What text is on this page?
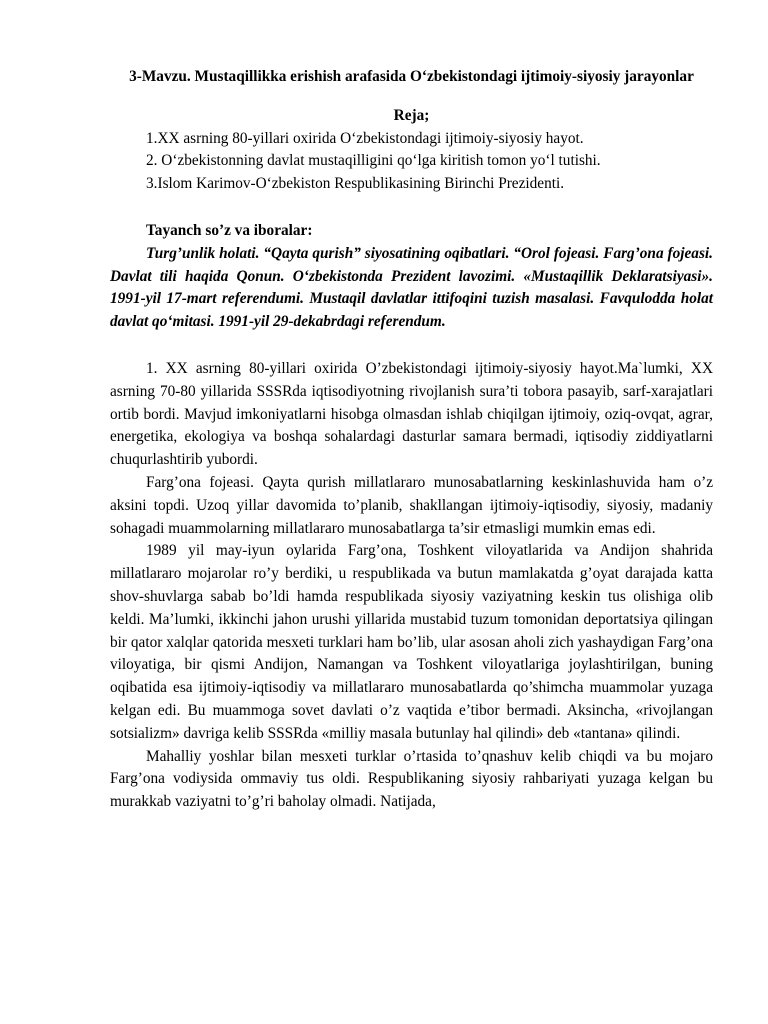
3-Mavzu. Mustaqillikka erishish arafasida O‘zbekistondagi ijtimoiy-siyosiy jarayonlar

Reja;

1.XX asrning 80-yillari oxirida O‘zbekistondagi ijtimoiy-siyosiy hayot.

2. O‘zbekistonning davlat mustaqilligini qo‘lga kiritish tomon yo‘l tutishi.

3.Islom Karimov-O‘zbekiston Respublikasining Birinchi Prezidenti.

Tayanch so’z va iboralar:

Turg’unlik holati. “Qayta qurish” siyosatining oqibatlari. “Orol fojeasi. Farg’ona fojeasi. Davlat tili haqida Qonun. O‘zbekistonda Prezident lavozimi. «Mustaqillik Deklaratsiyasi». 1991-yil 17-mart referendumi. Mustaqil davlatlar ittifoqini tuzish masalasi. Favqulodda holat davlat qo‘mitasi. 1991-yil 29-dekabrdagi referendum.

1. XX asrning 80-yillari oxirida O’zbekistondagi ijtimoiy-siyosiy hayot.Ma`lumki, XX asrning 70-80 yillarida SSSRda iqtisodiyotning rivojlanish sura’ti tobora pasayib, sarf-xarajatlari ortib bordi. Mavjud imkoniyatlarni hisobga olmasdan ishlab chiqilgan ijtimoiy, oziq-ovqat, agrar, energetika, ekologiya va boshqa sohalardagi dasturlar samara bermadi, iqtisodiy ziddiyatlarni chuqurlashtirib yubordi.

Farg’ona fojeasi. Qayta qurish millatlararo munosabatlarning keskinlashuvida ham o’z aksini topdi. Uzoq yillar davomida to’planib, shakllangan ijtimoiy-iqtisodiy, siyosiy, madaniy sohagadi muammolarning millatlararo munosabatlarga ta’sir etmasligi mumkin emas edi.

1989 yil may-iyun oylarida Farg’ona, Toshkent viloyatlarida va Andijon shahrida millatlararo mojarolar ro’y berdiki, u respublikada va butun mamlakatda g’oyat darajada katta shov-shuvlarga sabab bo’ldi hamda respublikada siyosiy vaziyatning keskin tus olishiga olib keldi. Ma’lumki, ikkinchi jahon urushi yillarida mustabid tuzum tomonidan deportatsiya qilingan bir qator xalqlar qatorida mesxeti turklari ham bo’lib, ular asosan aholi zich yashaydigan Farg’ona viloyatiga, bir qismi Andijon, Namangan va Toshkent viloyatlariga joylashtirilgan, buning oqibatida esa ijtimoiy-iqtisodiy va millatlararo munosabatlarda qo’shimcha muammolar yuzaga kelgan edi. Bu muammoga sovet davlati o’z vaqtida e’tibor bermadi. Aksincha, «rivojlangan sotsializm» davriga kelib SSSRda «milliy masala butunlay hal qilindi» deb «tantana» qilindi.

Mahalliy yoshlar bilan mesxeti turklar o’rtasida to’qnashuv kelib chiqdi va bu mojaro Farg’ona vodiysida ommaviy tus oldi. Respublikaning siyosiy rahbariyati yuzaga kelgan bu murakkab vaziyatni to’g’ri baholay olmadi. Natijada,
